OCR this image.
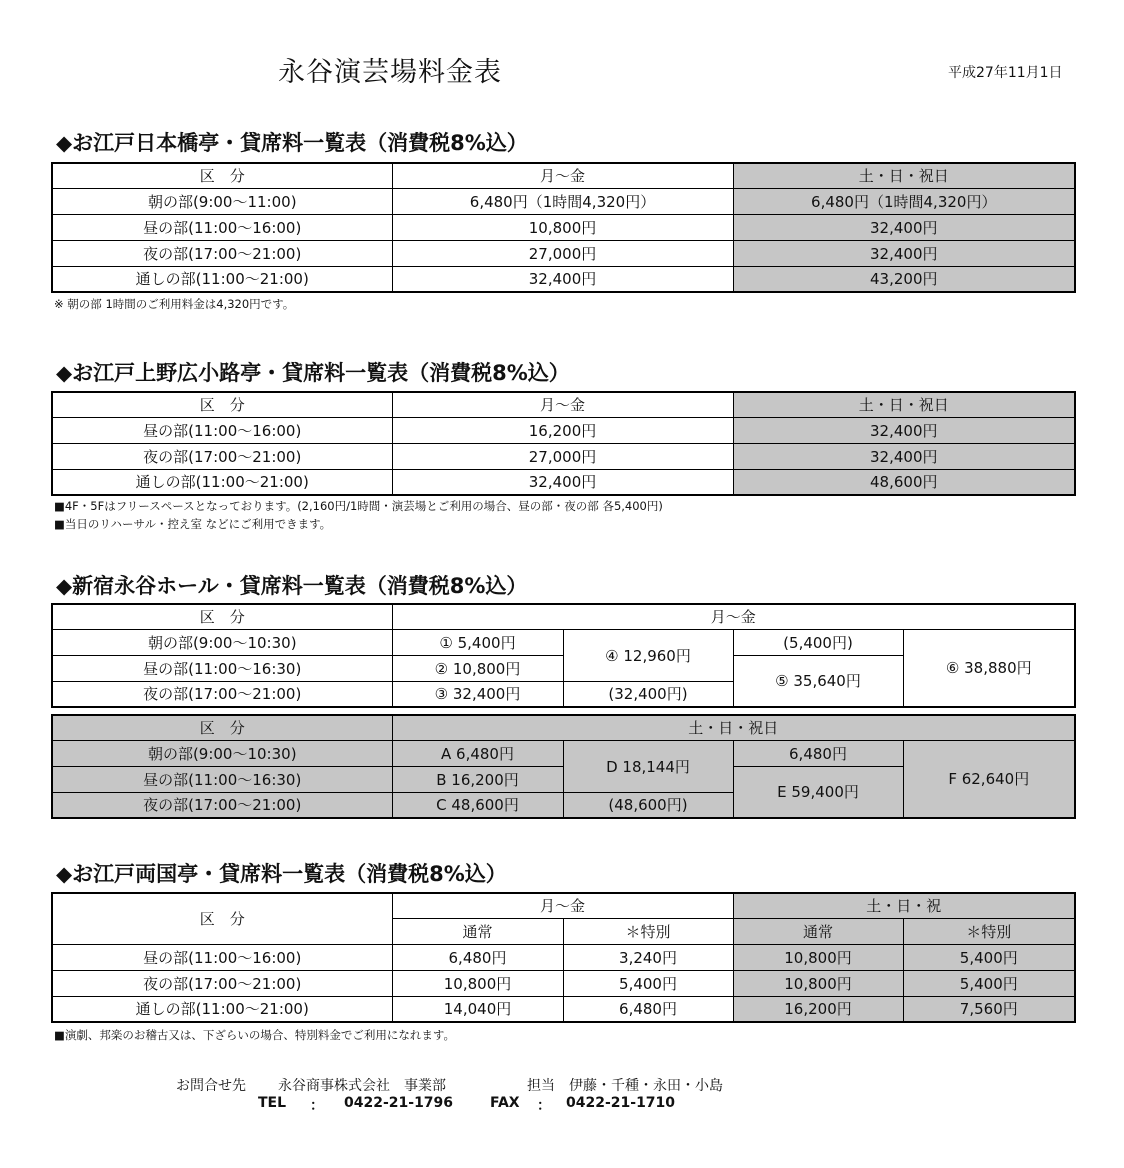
永谷演芸場料金表	平成27年11月1日
◆お江戸日本橋亭・貸席料一覧表（消費税8%込）
区　分	月～金	土・日・祝日
朝の部(9:00～11:00)	6,480円（1時間4,320円）	6,480円（1時間4,320円）
昼の部(11:00～16:00)	10,800円	32,400円
夜の部(17:00～21:00)	27,000円	32,400円
通しの部(11:00～21:00)	32,400円	43,200円
※ 朝の部 1時間のご利用料金は4,320円です。
◆お江戸上野広小路亭・貸席料一覧表（消費税8%込）
区　分	月～金	土・日・祝日
昼の部(11:00～16:00)	16,200円	32,400円
夜の部(17:00～21:00)	27,000円	32,400円
通しの部(11:00～21:00)	32,400円	48,600円
■4F・5Fはフリースペースとなっております。(2,160円/1時間・演芸場とご利用の場合、昼の部・夜の部 各5,400円)
■当日のリハーサル・控え室 などにご利用できます。
◆新宿永谷ホール・貸席料一覧表（消費税8%込）
区　分	月～金			
朝の部(9:00～10:30)	① 5,400円	④ 12,960円	(5,400円)	⑥ 38,880円
昼の部(11:00～16:30)	② 10,800円		⑤ 35,640円	
夜の部(17:00～21:00)	③ 32,400円	(32,400円)		
区　分	土・日・祝日			
朝の部(9:00～10:30)	A 6,480円	D 18,144円	6,480円	F 62,640円
昼の部(11:00～16:30)	B 16,200円		E 59,400円	
夜の部(17:00～21:00)	C 48,600円	(48,600円)		
◆お江戸両国亭・貸席料一覧表（消費税8%込）
区　分	月～金		土・日・祝	
	通常	＊特別	通常	＊特別
昼の部(11:00～16:00)	6,480円	3,240円	10,800円	5,400円
夜の部(17:00～21:00)	10,800円	5,400円	10,800円	5,400円
通しの部(11:00～21:00)	14,040円	6,480円	16,200円	7,560円
■演劇、邦楽のお稽古又は、下ざらいの場合、特別料金でご利用になれます。
お問合せ先 永谷商事株式会社　事業部	担当　伊藤・千種・永田・小島
TEL ： 0422-21-1796	FAX ： 0422-21-1710
